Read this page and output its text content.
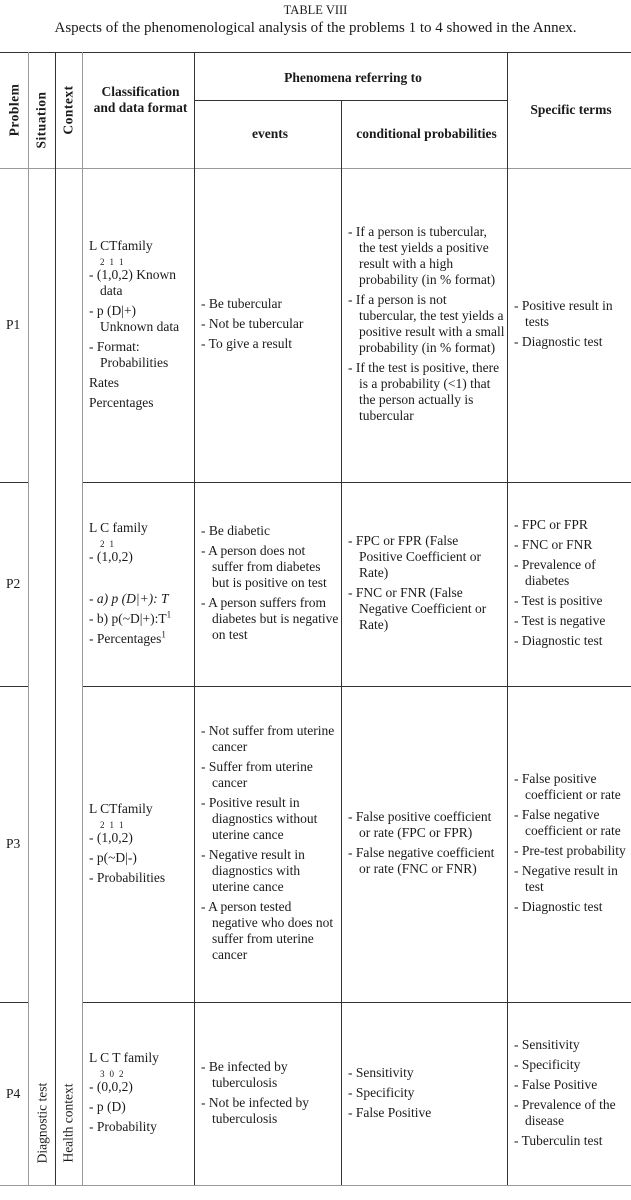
TABLE VIII
Aspects of the phenomenological analysis of the problems 1 to 4 showed in the Annex.
Problem Situation Context	Classification and data format
Phenomena referring to
events	conditional probabilities
Specific terms
Diagnostic test Health context
P1
L CTfamily
2 1 1
- (1,0,2) Known data
- p (D|+) Unknown data
- Format: Probabilities
Rates
Percentages
- Be tubercular
- Not be tubercular
- To give a result
- If a person is tubercular, the test yields a positive result with a high probability (in % format)
- If a person is not tubercular, the test yields a positive result with a small probability (in % format)
- If the test is positive, there is a probability (<1) that the person actually is tubercular
- Positive result in tests
- Diagnostic test
P2
L C family
2 1
- (1,0,2)
- a) p (D|+): T
- b) $p(\sim D|+):T^1$
- Percentages$^1$
- Be diabetic
- A person does not suffer from diabetes but is positive on test
- A person suffers from diabetes but is negative on test
- FPC or FPR (False Positive Coefficient or Rate)
- FNC or FNR (False Negative Coefficient or Rate)
- FPC or FPR
- FNC or FNR
- Prevalence of diabetes
- Test is positive
- Test is negative
- Diagnostic test
P3
L CTfamily
2 1 1
- (1,0,2)
- p(~D|-)
- Probabilities
- Not suffer from uterine cancer
- Suffer from uterine cancer
- Positive result in diagnostics without uterine cance
- Negative result in diagnostics with uterine cance
- A person tested negative who does not suffer from uterine cancer
- False positive coefficient or rate (FPC or FPR)
- False negative coefficient or rate (FNC or FNR)
- False positive coefficient or rate
- False negative coefficient or rate
- Pre-test probability
- Negative result in test
- Diagnostic test
P4
L C T family
3 0 2
- (0,0,2)
- p (D)
- Probability
- Be infected by tuberculosis
- Not be infected by tuberculosis
- Sensitivity
- Specificity
- False Positive
- Sensitivity
- Specificity
- False Positive
- Prevalence of the disease
- Tuberculin test
